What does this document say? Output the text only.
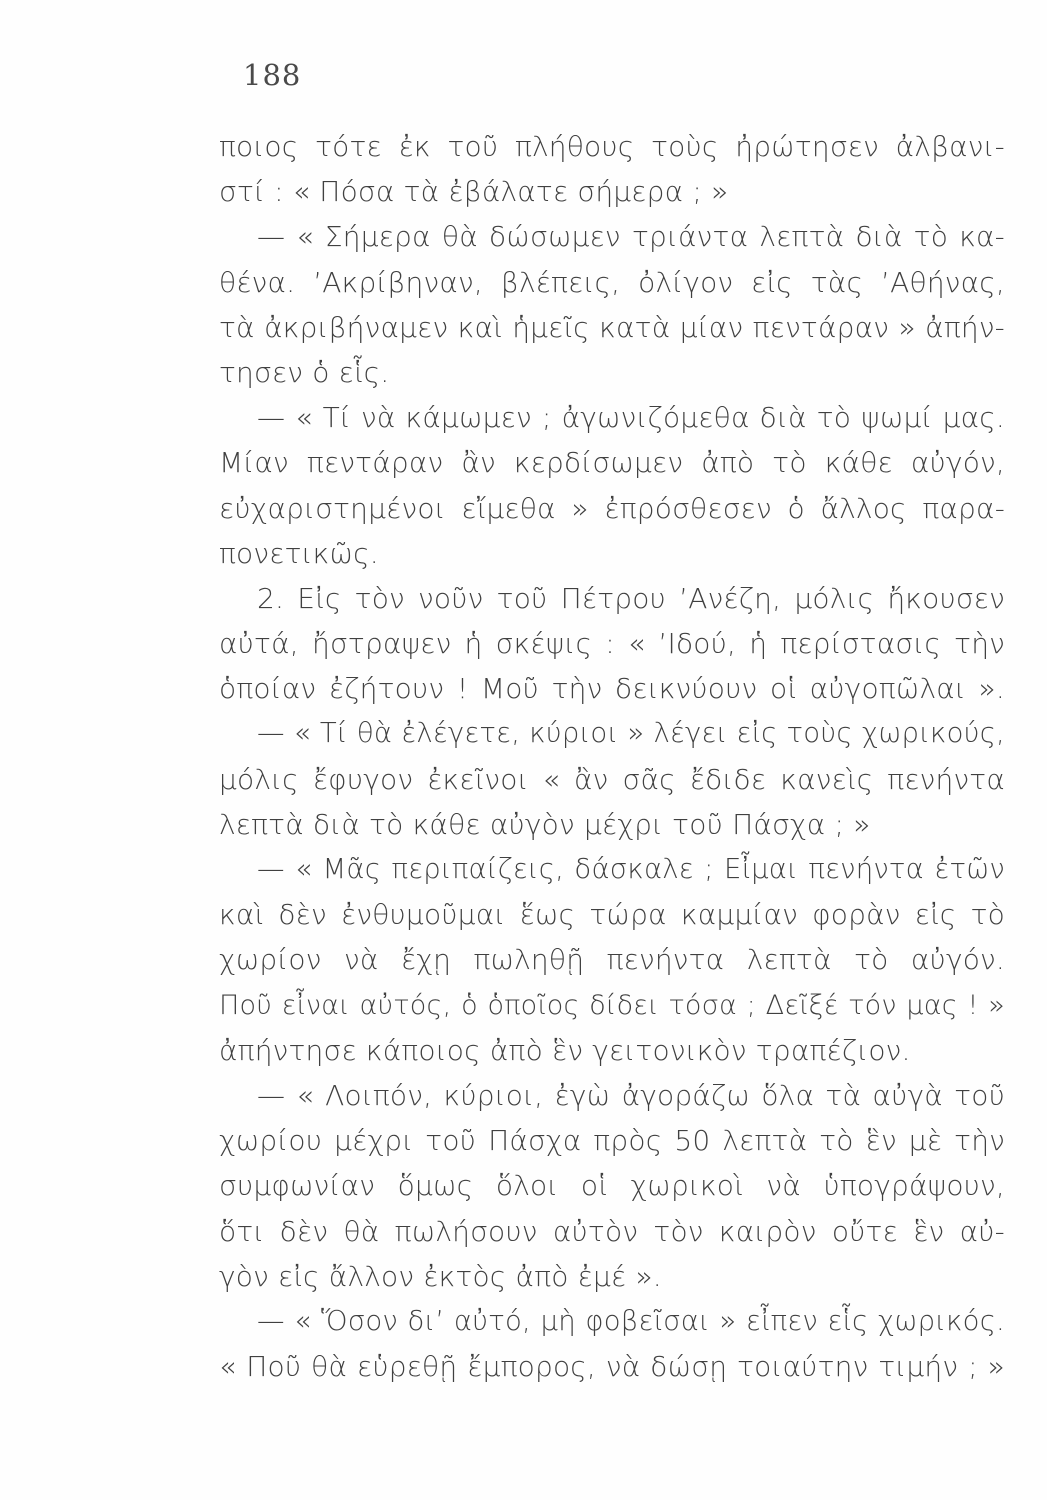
188
ποιος τότε ἐκ τοῦ πλήθους τοὺς ἠρώτησεν ἀλβανι-
στί : « Πόσα τὰ ἐβάλατε σήμερα ; »
— « Σήμερα θὰ δώσωμεν τριάντα λεπτὰ διὰ τὸ κα-
θένα. ’Ακρίβηναν, βλέπεις, ὀλίγον εἰς τὰς ’Αθήνας,
τὰ ἀκριβήναμεν καὶ ἡμεῖς κατὰ μίαν πεντάραν » ἀπήν-
τησεν ὁ εἷς.
— « Τί νὰ κάμωμεν ; ἀγωνιζόμεθα διὰ τὸ ψωμί μας.
Μίαν πεντάραν ἂν κερδίσωμεν ἀπὸ τὸ κάθε αὐγόν,
εὐχαριστημένοι εἴμεθα » ἐπρόσθεσεν ὁ ἄλλος παρα-
πονετικῶς.
2. Εἰς τὸν νοῦν τοῦ Πέτρου ’Ανέζη, μόλις ἤκουσεν
αὐτά, ἤστραψεν ἡ σκέψις : « ’Ιδού, ἡ περίστασις τὴν
ὁποίαν ἐζήτουν ! Μοῦ τὴν δεικνύουν οἱ αὐγοπῶλαι ».
— « Τί θὰ ἐλέγετε, κύριοι » λέγει εἰς τοὺς χωρικούς,
μόλις ἔφυγον ἐκεῖνοι « ἂν σᾶς ἔδιδε κανεὶς πενήντα
λεπτὰ διὰ τὸ κάθε αὐγὸν μέχρι τοῦ Πάσχα ; »
— « Μᾶς περιπαίζεις, δάσκαλε ; Εἶμαι πενήντα ἐτῶν
καὶ δὲν ἐνθυμοῦμαι ἕως τώρα καμμίαν φορὰν εἰς τὸ
χωρίον νὰ ἔχῃ πωληθῇ πενήντα λεπτὰ τὸ αὐγόν.
Ποῦ εἶναι αὐτός, ὁ ὁποῖος δίδει τόσα ; Δεῖξέ τόν μας ! »
ἀπήντησε κάποιος ἀπὸ ἓν γειτονικὸν τραπέζιον.
— « Λοιπόν, κύριοι, ἐγὼ ἀγοράζω ὅλα τὰ αὐγὰ τοῦ
χωρίου μέχρι τοῦ Πάσχα πρὸς 50 λεπτὰ τὸ ἓν μὲ τὴν
συμφωνίαν ὅμως ὅλοι οἱ χωρικοὶ νὰ ὑπογράψουν,
ὅτι δὲν θὰ πωλήσουν αὐτὸν τὸν καιρὸν οὔτε ἓν αὐ-
γὸν εἰς ἄλλον ἐκτὸς ἀπὸ ἐμέ ».
— « Ὅσον δι’ αὐτό, μὴ φοβεῖσαι » εἶπεν εἷς χωρικός.
« Ποῦ θὰ εὑρεθῇ ἔμπορος, νὰ δώσῃ τοιαύτην τιμήν ; »
